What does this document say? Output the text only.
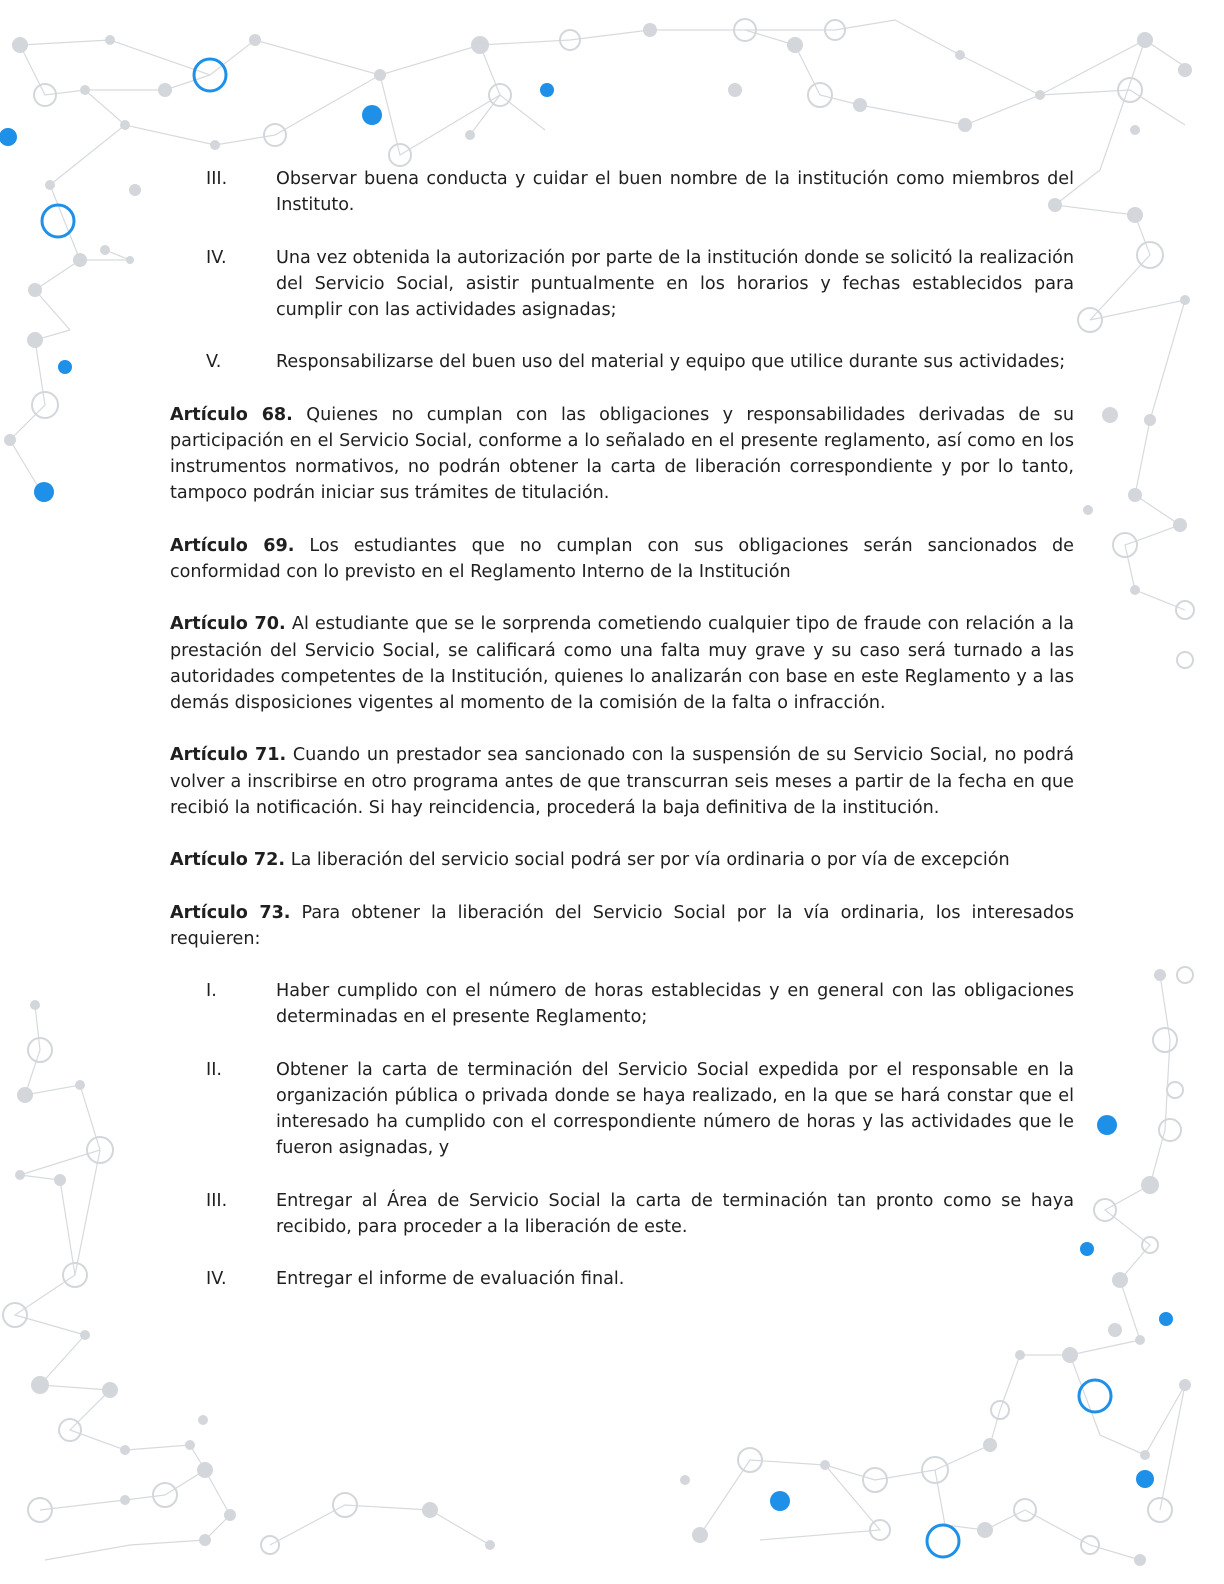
III.	Observar buena conducta y cuidar el buen nombre de la institución como miembros del Instituto.
IV.	Una vez obtenida la autorización por parte de la institución donde se solicitó la realización del Servicio Social, asistir puntualmente en los horarios y fechas establecidos para cumplir con las actividades asignadas;
V.	Responsabilizarse del buen uso del material y equipo que utilice durante sus actividades;

Artículo 68. Quienes no cumplan con las obligaciones y responsabilidades derivadas de su participación en el Servicio Social, conforme a lo señalado en el presente reglamento, así como en los instrumentos normativos, no podrán obtener la carta de liberación correspondiente y por lo tanto, tampoco podrán iniciar sus trámites de titulación.

Artículo 69. Los estudiantes que no cumplan con sus obligaciones serán sancionados de conformidad con lo previsto en el Reglamento Interno de la Institución

Artículo 70. Al estudiante que se le sorprenda cometiendo cualquier tipo de fraude con relación a la prestación del Servicio Social, se calificará como una falta muy grave y su caso será turnado a las autoridades competentes de la Institución, quienes lo analizarán con base en este Reglamento y a las demás disposiciones vigentes al momento de la comisión de la falta o infracción.

Artículo 71. Cuando un prestador sea sancionado con la suspensión de su Servicio Social, no podrá volver a inscribirse en otro programa antes de que transcurran seis meses a partir de la fecha en que recibió la notificación. Si hay reincidencia, procederá la baja definitiva de la institución.

Artículo 72. La liberación del servicio social podrá ser por vía ordinaria o por vía de excepción

Artículo 73. Para obtener la liberación del Servicio Social por la vía ordinaria, los interesados requieren:

I.	Haber cumplido con el número de horas establecidas y en general con las obligaciones determinadas en el presente Reglamento;
II.	Obtener la carta de terminación del Servicio Social expedida por el responsable en la organización pública o privada donde se haya realizado, en la que se hará constar que el interesado ha cumplido con el correspondiente número de horas y las actividades que le fueron asignadas, y
III.	Entregar al Área de Servicio Social la carta de terminación tan pronto como se haya recibido, para proceder a la liberación de este.
IV.	Entregar el informe de evaluación final.
